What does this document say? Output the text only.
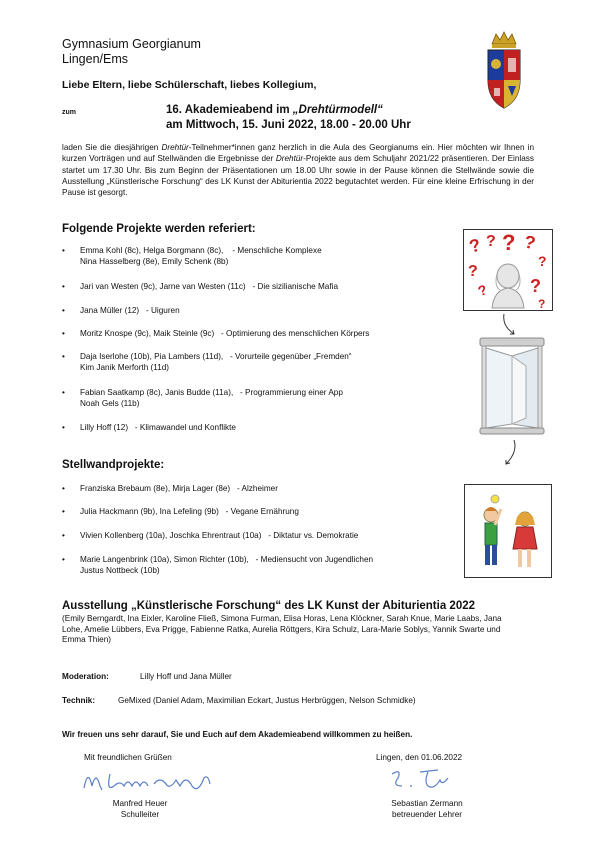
Gymnasium Georgianum
Lingen/Ems
Liebe Eltern, liebe Schülerschaft, liebes Kollegium,
zum	16. Akademieabend im „Drehtürmodell“
am Mittwoch, 15. Juni 2022, 18.00 - 20.00 Uhr
laden Sie die diesjährigen Drehtür-Teilnehmer*innen ganz herzlich in die Aula des Georgianums ein. Hier möchten wir Ihnen in kurzen Vorträgen und auf Stellwänden die Ergebnisse der Drehtür-Projekte aus dem Schuljahr 2021/22 präsentieren. Der Einlass startet um 17.30 Uhr. Bis zum Beginn der Präsentationen um 18.00 Uhr sowie in der Pause können die Stellwände sowie die Ausstellung „Künstlerische Forschung“ des LK Kunst der Abiturientia 2022 begutachtet werden. Für eine kleine Erfrischung in der Pause ist gesorgt.
Folgende Projekte werden referiert:
• Emma Kohl (8c), Helga Borgmann (8c),    - Menschliche Komplexe
Nina Hasselberg (8e), Emily Schenk (8b)
• Jari van Westen (9c), Jarne van Westen (11c)   - Die sizilianische Mafia
• Jana Müller (12)   - Uiguren
• Moritz Knospe (9c), Maik Steinle (9c)   - Optimierung des menschlichen Körpers
• Daja Iserlohe (10b), Pia Lambers (11d),   - Vorurteile gegenüber „Fremden“
Kim Janik Merforth (11d)
• Fabian Saatkamp (8c), Janis Budde (11a),   - Programmierung einer App
Noah Gels (11b)
• Lilly Hoff (12)   - Klimawandel und Konflikte
Stellwandprojekte:
• Franziska Brebaum (8e), Mirja Lager (8e)   - Alzheimer
• Julia Hackmann (9b), Ina Lefeling (9b)   - Vegane Ernährung
• Vivien Kollenberg (10a), Joschka Ehrentraut (10a)   - Diktatur vs. Demokratie
• Marie Langenbrink (10a), Simon Richter (10b),   - Mediensucht von Jugendlichen
Justus Nottbeck (10b)
? ? ? ?
?
?
? ?
?
Ausstellung „Künstlerische Forschung“ des LK Kunst der Abiturientia 2022
(Emily Berngardt, Ina Eixler, Karoline Fließ, Simona Furman, Elisa Horas, Lena Klöckner, Sarah Knue, Marie Laabs, Jana Lohe, Amelie Lübbers, Eva Prigge, Fabienne Ratka, Aurelia Röttgers, Kira Schulz, Lara-Marie Soblys, Yannik Swarte und Emma Thien)
Moderation:	Lilly Hoff und Jana Müller
Technik:	GeMixed (Daniel Adam, Maximilian Eckart, Justus Herbrüggen, Nelson Schmidke)
Wir freuen uns sehr darauf, Sie und Euch auf dem Akademieabend willkommen zu heißen.
Mit freundlichen Grüßen	Lingen, den 01.06.2022
Manfred Heuer
Schulleiter
Sebastian Zermann
betreuender Lehrer
